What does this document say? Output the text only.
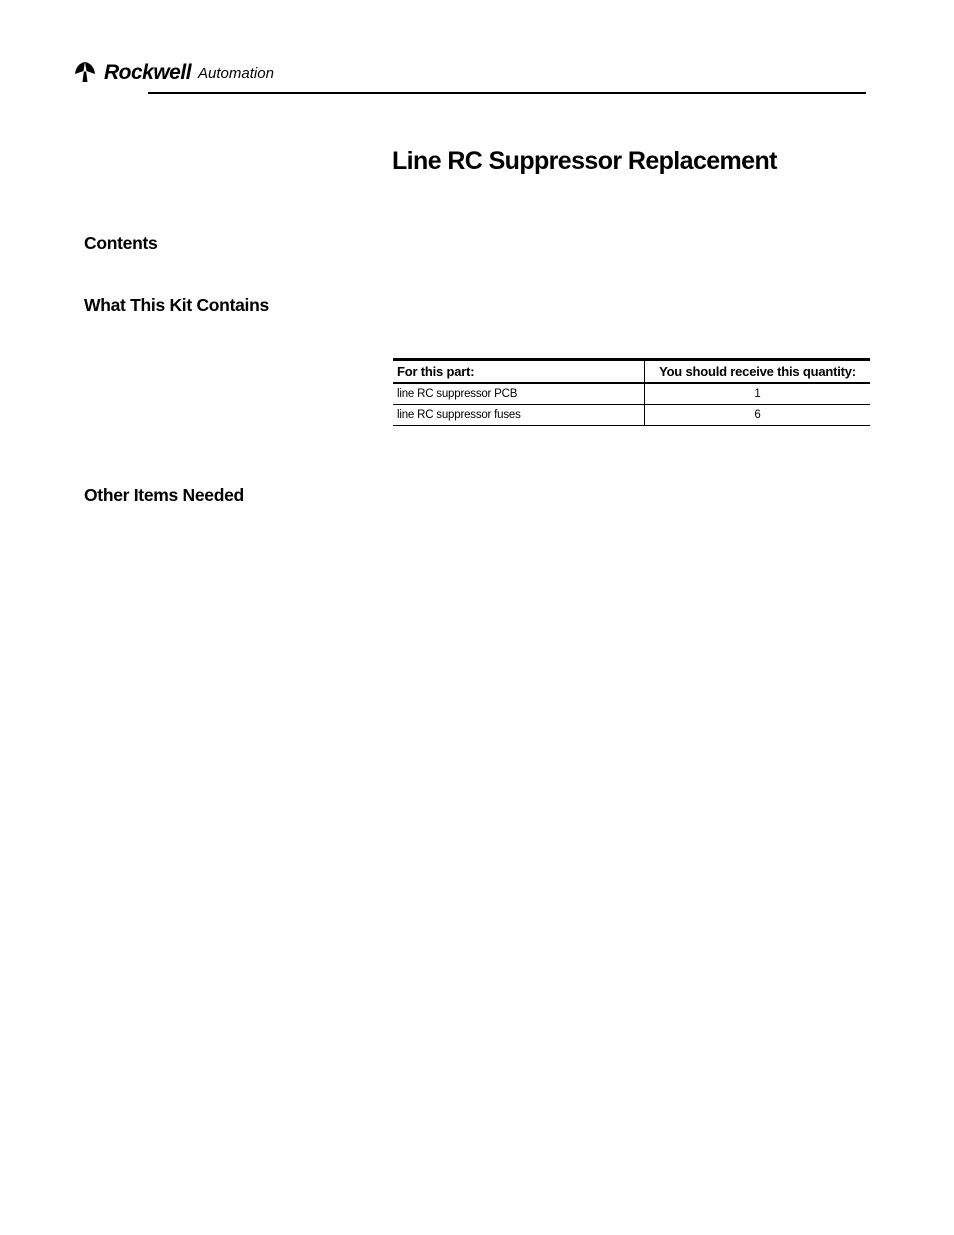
Rockwell Automation
Line RC Suppressor Replacement
Contents
What This Kit Contains
For this part:	You should receive this quantity:
line RC suppressor PCB	1
line RC suppressor fuses	6
Other Items Needed
